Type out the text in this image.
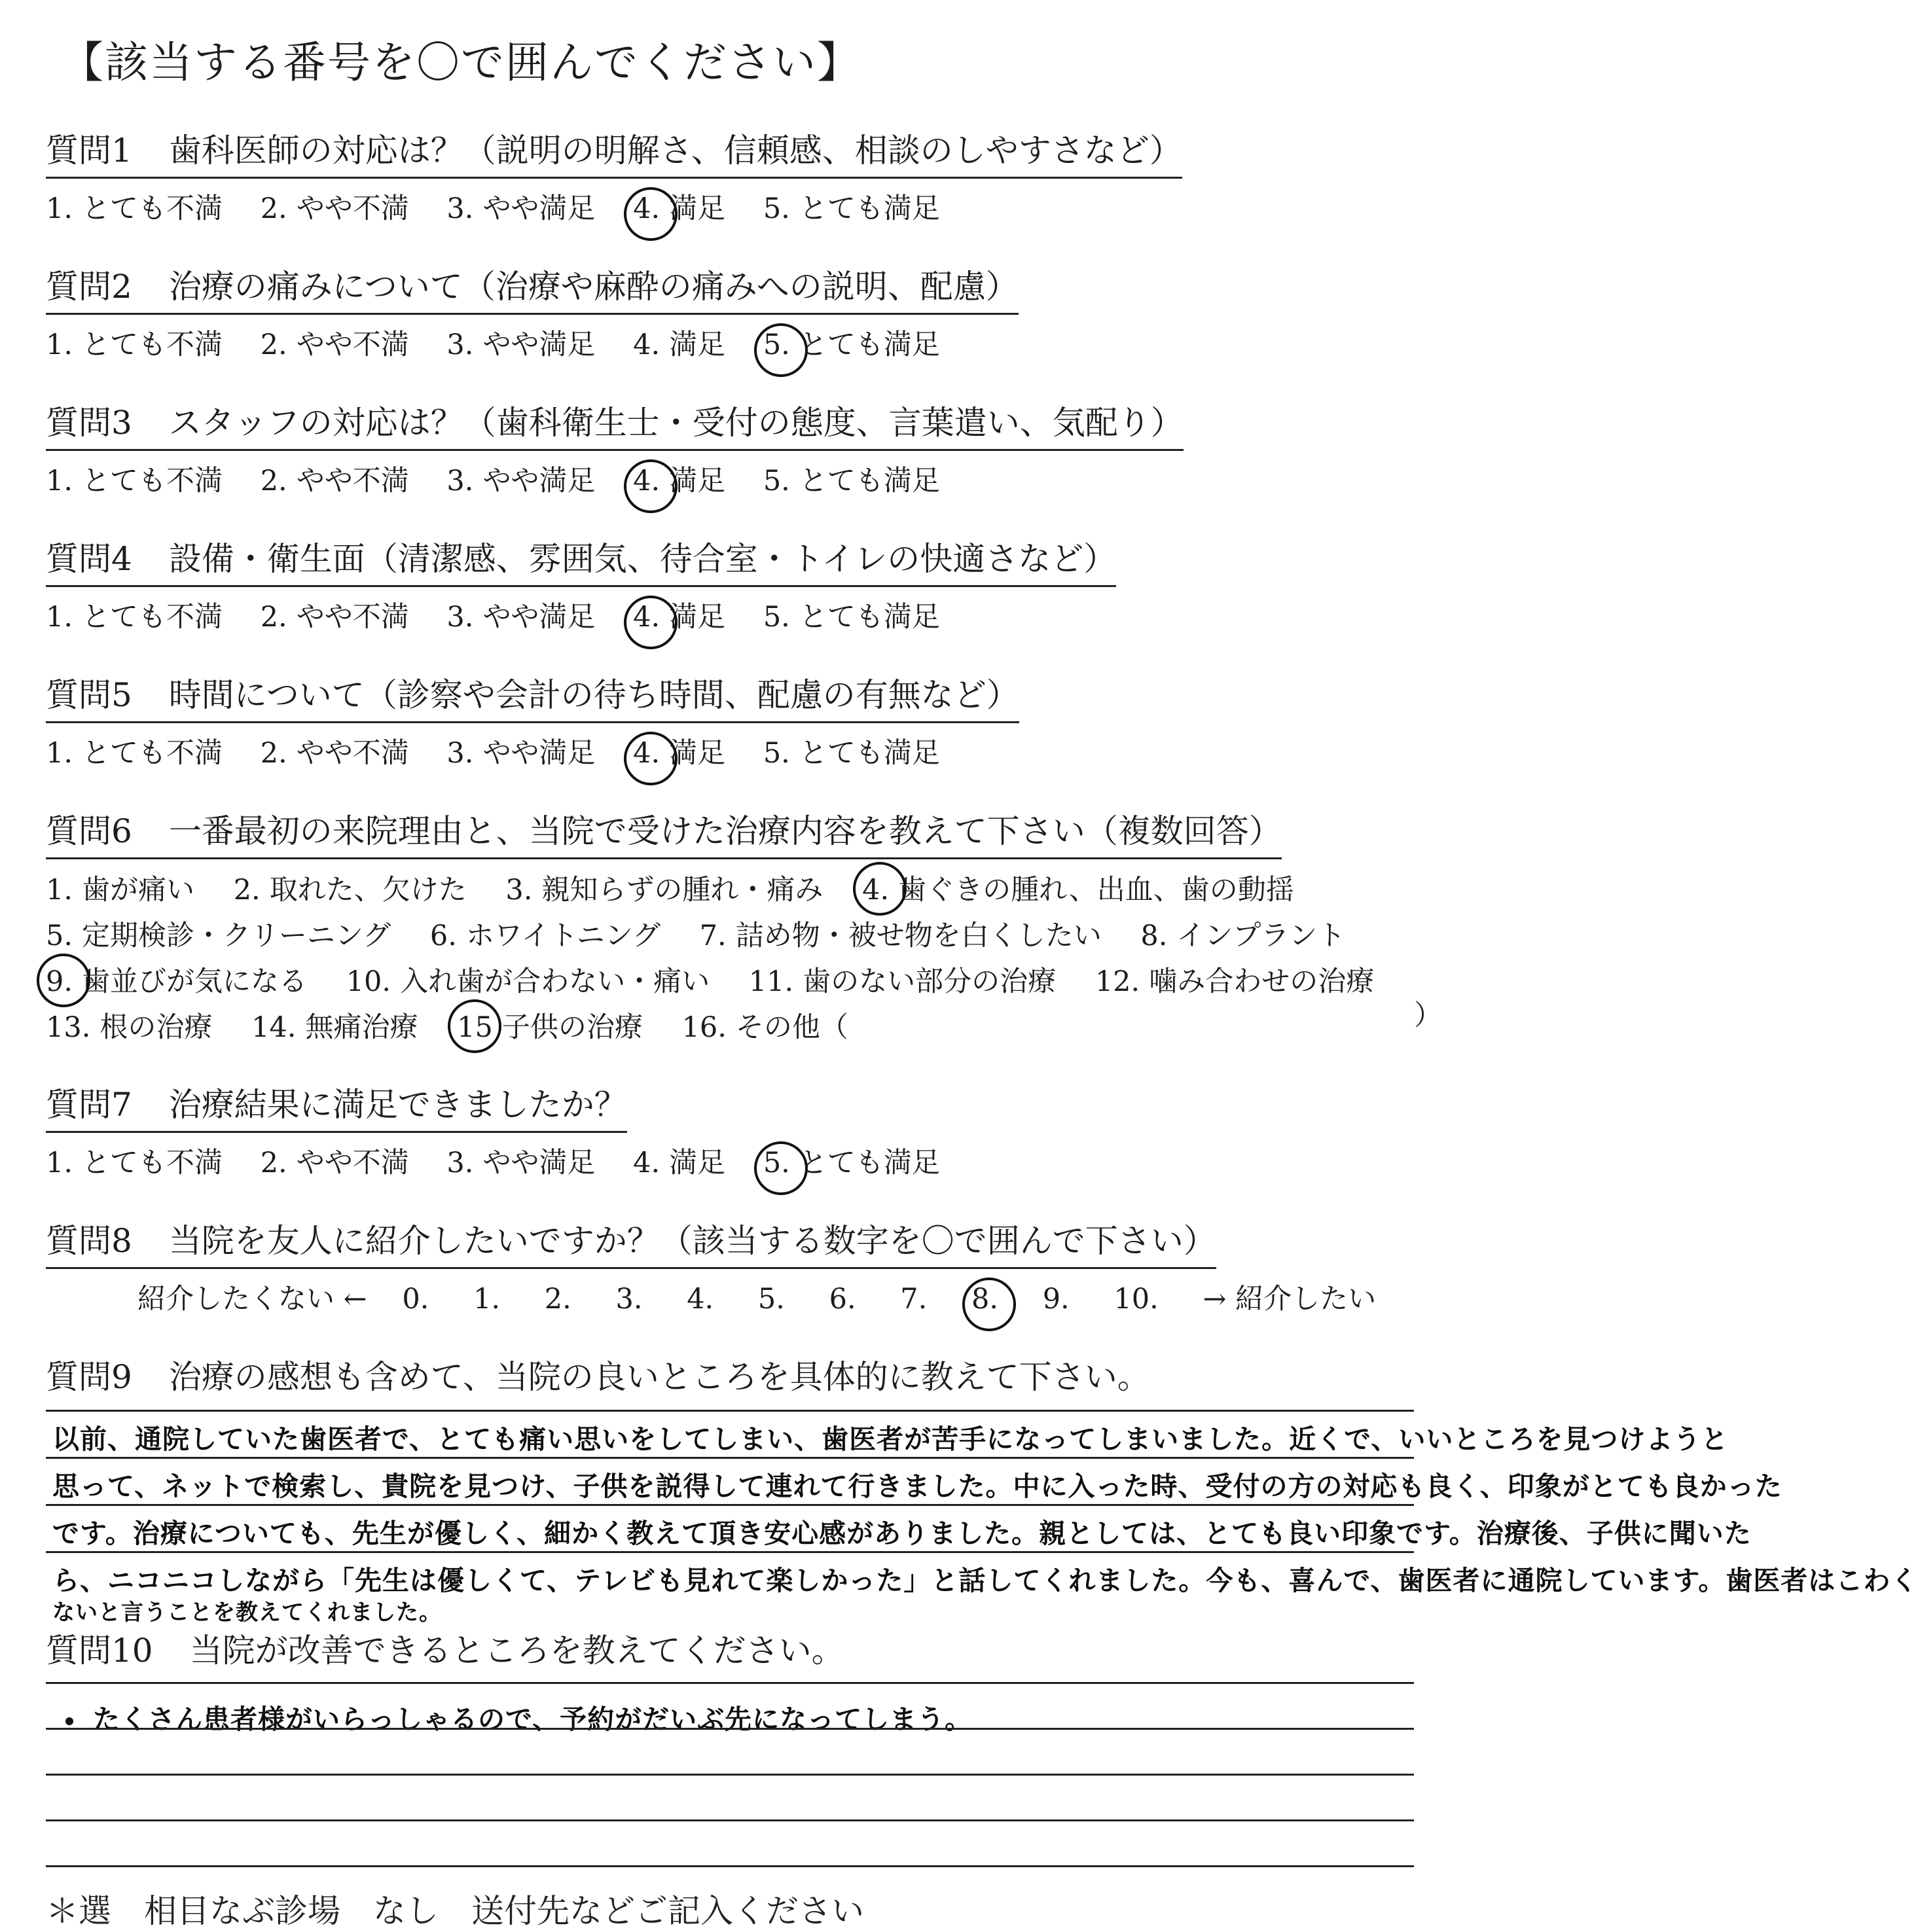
【該当する番号を〇で囲んでください】
質問1 歯科医師の対応は？（説明の明解さ、信頼感、相談のしやすさなど）
1. とても不満 2. やや不満 3. やや満足 4. 満足 5. とても満足
質問2 治療の痛みについて（治療や麻酔の痛みへの説明、配慮）
1. とても不満 2. やや不満 3. やや満足 4. 満足 5. とても満足
質問3 スタッフの対応は？（歯科衛生士・受付の態度、言葉遣い、気配り）
1. とても不満 2. やや不満 3. やや満足 4. 満足 5. とても満足
質問4 設備・衛生面（清潔感、雰囲気、待合室・トイレの快適さなど）
1. とても不満 2. やや不満 3. やや満足 4. 満足 5. とても満足
質問5 時間について（診察や会計の待ち時間、配慮の有無など）
1. とても不満 2. やや不満 3. やや満足 4. 満足 5. とても満足
質問6 一番最初の来院理由と、当院で受けた治療内容を教えて下さい（複数回答）
1. 歯が痛い 2. 取れた、欠けた 3. 親知らずの腫れ・痛み 4. 歯ぐきの腫れ、出血、歯の動揺
5. 定期検診・クリーニング 6. ホワイトニング 7. 詰め物・被せ物を白くしたい 8. インプラント
9. 歯並びが気になる 10. 入れ歯が合わない・痛い 11. 歯のない部分の治療 12. 噛み合わせの治療
13. 根の治療 14. 無痛治療 15 子供の治療 16. その他（	）
質問7 治療結果に満足できましたか？
1. とても不満 2. やや不満 3. やや満足 4. 満足 5. とても満足
質問8 当院を友人に紹介したいですか？（該当する数字を〇で囲んで下さい）
紹介したくない ← 0. 1. 2. 3. 4. 5. 6. 7. 8. 9. 10. → 紹介したい
質問9 治療の感想も含めて、当院の良いところを具体的に教えて下さい。
以前、通院していた歯医者で、とても痛い思いをしてしまい、歯医者が苦手になってしまいました。近くで、いいところを見つけようと
思って、ネットで検索し、貴院を見つけ、子供を説得して連れて行きました。中に入った時、受付の方の対応も良く、印象がとても良かった
です。治療についても、先生が優しく、細かく教えて頂き安心感がありました。親としては、とても良い印象です。治療後、子供に聞いた
ら、ニコニコしながら「先生は優しくて、テレビも見れて楽しかった」と話してくれました。今も、喜んで、歯医者に通院しています。歯医者はこわく
ないと言うことを教えてくれました。
質問10 当院が改善できるところを教えてください。
たくさん患者様がいらっしゃるので、予約がだいぶ先になってしまう。
＊選　相目なぶ診場　なし　送付先などご記入ください
